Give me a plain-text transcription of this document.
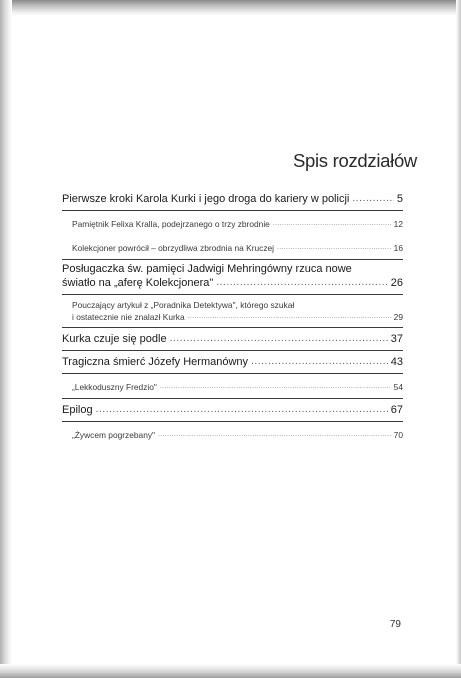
Spis rozdziałów
Pierwsze kroki Karola Kurki i jego droga do kariery w policji .....	5
Pamiętnik Felixa Kralla, podejrzanego o trzy zbrodnie .....	12
Kolekcjoner powrócił – obrzydliwa zbrodnia na Kruczej .....	16
Posługaczka św. pamięci Jadwigi Mehringówny rzuca nowe
światło na „aferę Kolekcjonera" .....	26
Pouczający artykuł z „Poradnika Detektywa", którego szukał
i ostatecznie nie znalazł Kurka .....	29
Kurka czuje się podle .....	37
Tragiczna śmierć Józefy Hermanówny .....	43
„Lekkoduszny Fredzio" .....	54
Epilog .....	67
„Żywcem pogrzebany" .....	70
79
